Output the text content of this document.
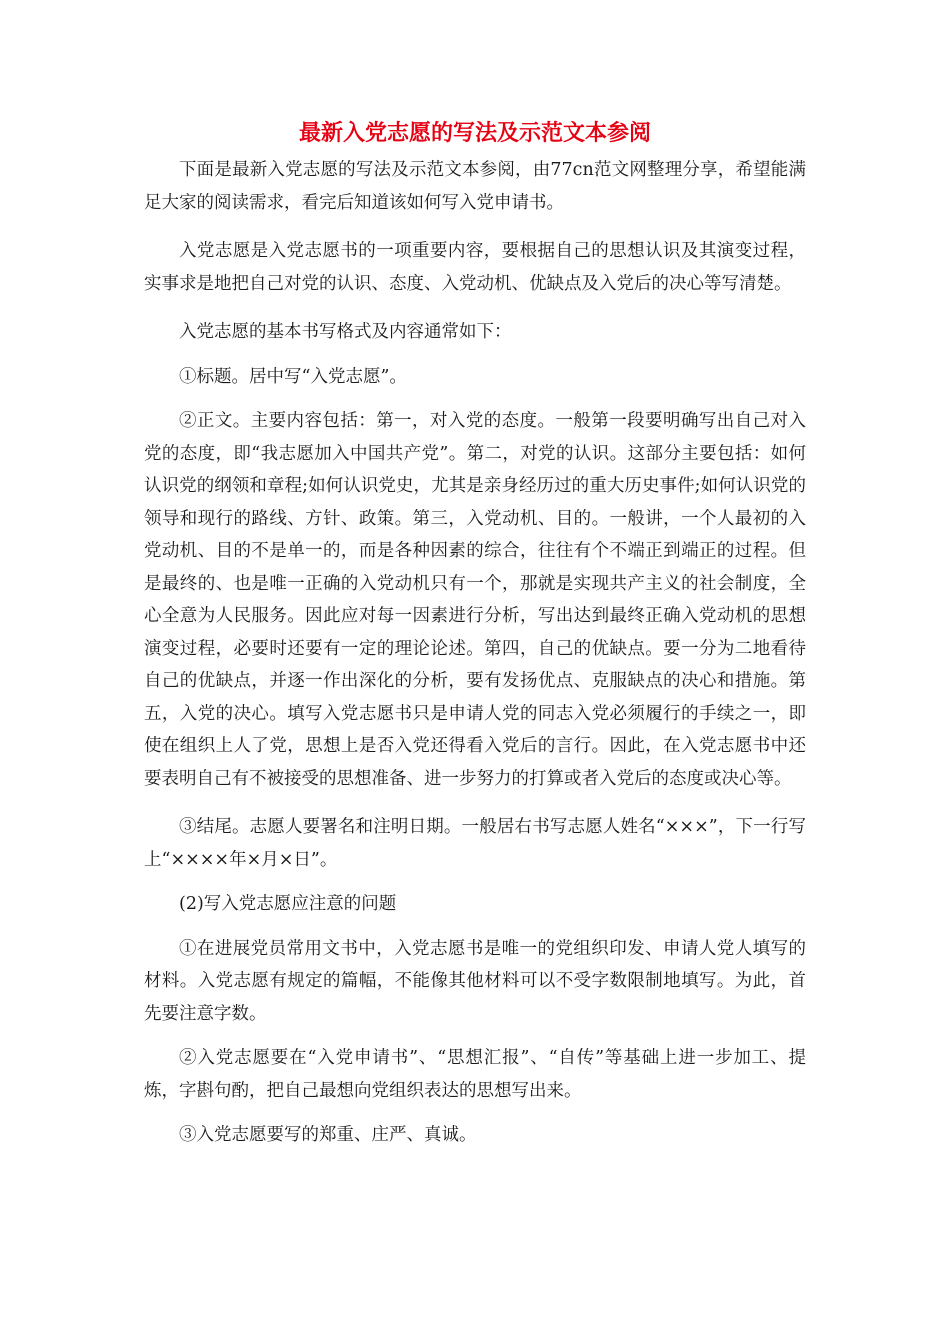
最新入党志愿的写法及示范文本参阅

下面是最新入党志愿的写法及示范文本参阅，由77cn范文网整理分享，希望能满足大家的阅读需求，看完后知道该如何写入党申请书。

入党志愿是入党志愿书的一项重要内容，要根据自己的思想认识及其演变过程，实事求是地把自己对党的认识、态度、入党动机、优缺点及入党后的决心等写清楚。

入党志愿的基本书写格式及内容通常如下：

①标题。居中写“入党志愿”。

②正文。主要内容包括：第一，对入党的态度。一般第一段要明确写出自己对入党的态度，即“我志愿加入中国共产党”。第二，对党的认识。这部分主要包括：如何认识党的纲领和章程;如何认识党史，尤其是亲身经历过的重大历史事件;如何认识党的领导和现行的路线、方针、政策。第三，入党动机、目的。一般讲，一个人最初的入党动机、目的不是单一的，而是各种因素的综合，往往有个不端正到端正的过程。但是最终的、也是唯一正确的入党动机只有一个，那就是实现共产主义的社会制度，全心全意为人民服务。因此应对每一因素进行分析，写出达到最终正确入党动机的思想演变过程，必要时还要有一定的理论论述。第四，自己的优缺点。要一分为二地看待自己的优缺点，并逐一作出深化的分析，要有发扬优点、克服缺点的决心和措施。第五，入党的决心。填写入党志愿书只是申请人党的同志入党必须履行的手续之一，即使在组织上人了党，思想上是否入党还得看入党后的言行。因此，在入党志愿书中还要表明自己有不被接受的思想准备、进一步努力的打算或者入党后的态度或决心等。

③结尾。志愿人要署名和注明日期。一般居右书写志愿人姓名“×××”，下一行写上“××××年×月×日”。

(2)写入党志愿应注意的问题

①在进展党员常用文书中，入党志愿书是唯一的党组织印发、申请人党人填写的材料。入党志愿有规定的篇幅，不能像其他材料可以不受字数限制地填写。为此，首先要注意字数。

②入党志愿要在“入党申请书”、“思想汇报”、“自传”等基础上进一步加工、提炼，字斟句酌，把自己最想向党组织表达的思想写出来。

③入党志愿要写的郑重、庄严、真诚。
